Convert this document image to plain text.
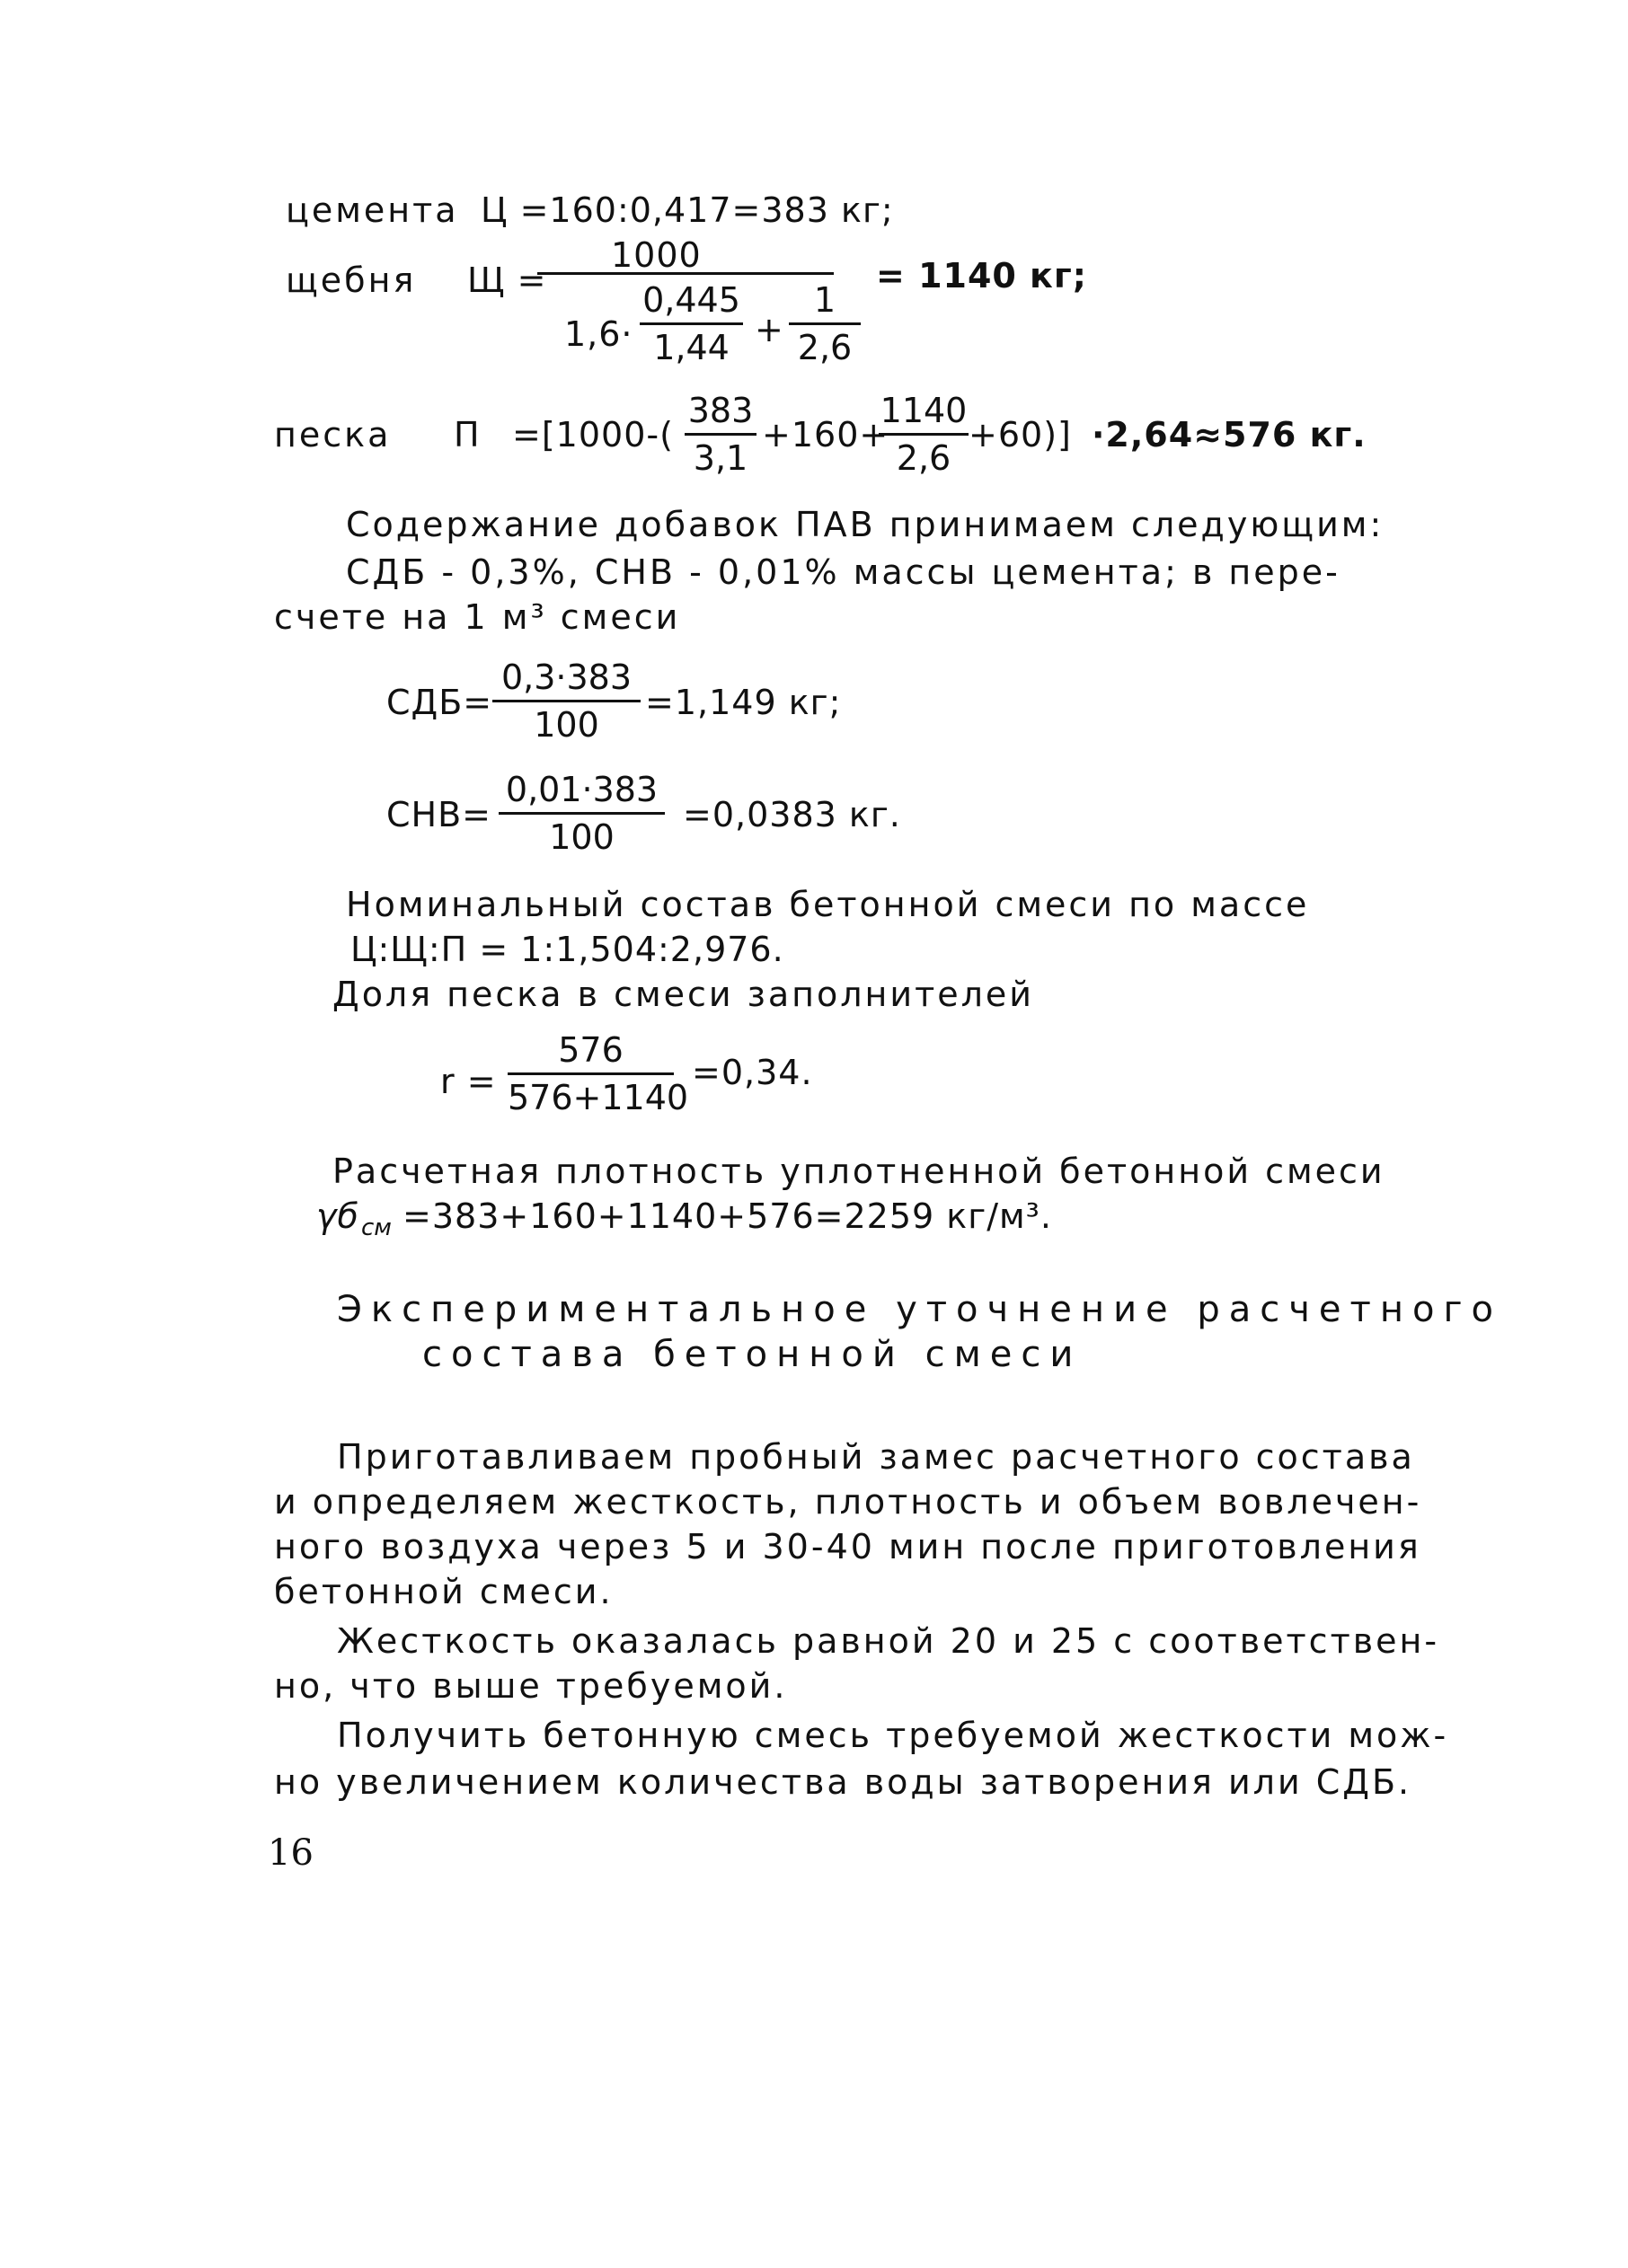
цемента Ц =160:0,417=383 кг;
щебня Щ =
1000
1,6·
0,445
1,44 +
1
2,6
= 1140 кг;
песка П =[1000-(
383
3,1
+160+
1140
2,6
+60)] ·2,64≈576 кг.
Содержание добавок ПАВ принимаем следующим:
СДБ - 0,3%, СНВ - 0,01% массы цемента; в пере-
счете на 1 м³ смеси
СДБ=
0,3·383
100
=1,149 кг;
СНВ=
0,01·383
100
=0,0383 кг.
Номинальный состав бетонной смеси по массе
Ц:Щ:П = 1:1,504:2,976.
Доля песка в смеси заполнителей
r =
576
576+1140
=0,34.
Расчетная плотность уплотненной бетонной смеси
γб см =383+160+1140+576=2259 кг/м³.
Экспериментальное уточнение расчетного
состава бетонной смеси
Приготавливаем пробный замес расчетного состава
и определяем жесткость, плотность и объем вовлечен-
ного воздуха через 5 и 30-40 мин после приготовления
бетонной смеси.
Жесткость оказалась равной 20 и 25 с соответствен-
но, что выше требуемой.
Получить бетонную смесь требуемой жесткости мож-
но увеличением количества воды затворения или СДБ.
16
